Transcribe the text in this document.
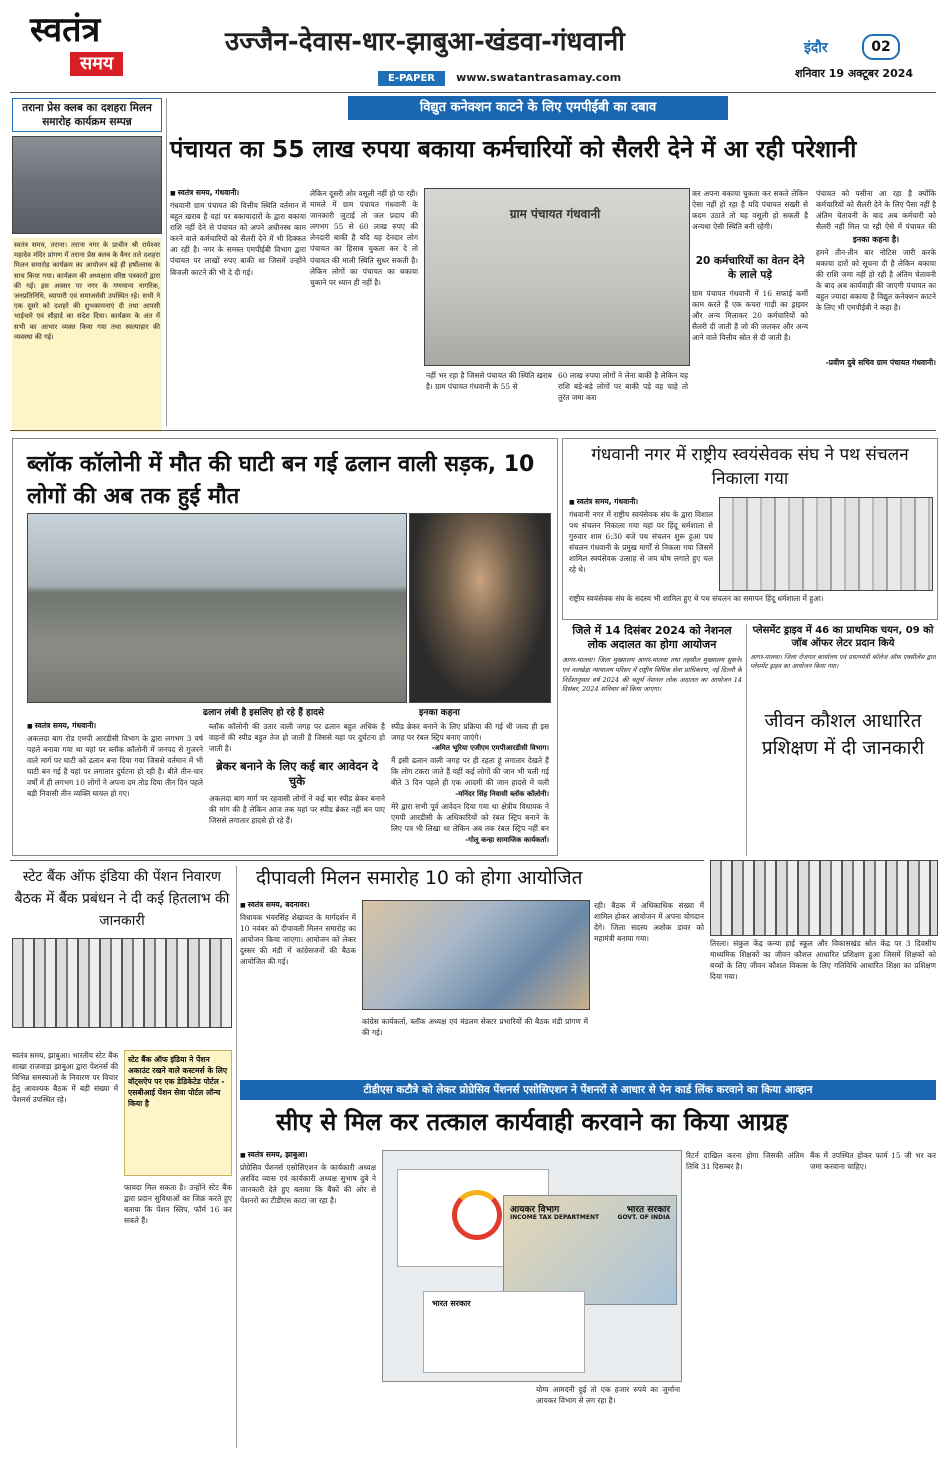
स्वतंत्र
समय
उज्जैन-देवास-धार-झाबुआ-खंडवा-गंधवानी
E-PAPER www.swatantrasamay.com
इंदौर	02
शनिवार 19 अक्टूबर 2024
तराना प्रेस क्लब का दशहरा मिलन समारोह कार्यक्रम सम्पन्न
स्वतंत्र समय, तराना। तराना नगर के प्राचीन श्री रामेश्वर महादेव मंदिर प्रांगण में तराना प्रेस क्लब के बैनर तले दशहरा मिलन समारोह कार्यक्रम का आयोजन बड़े ही हर्षोल्लास के साथ किया गया। कार्यक्रम की अध्यक्षता वरिष्ठ पत्रकारों द्वारा की गई। इस अवसर पर नगर के गणमान्य नागरिक, जनप्रतिनिधि, व्यापारी एवं समाजसेवी उपस्थित रहे। सभी ने एक दूसरे को दशहरे की शुभकामनाएं दी तथा आपसी भाईचारे एवं सौहार्द का संदेश दिया। कार्यक्रम के अंत में सभी का आभार व्यक्त किया गया तथा स्वल्पाहार की व्यवस्था की गई।
विद्युत कनेक्शन काटने के लिए एमपीईबी का दबाव
पंचायत का 55 लाख रुपया बकाया कर्मचारियों को सैलरी देने में आ रही परेशानी
■ स्वतंत्र समय, गंधवानी।
गंधवानी ग्राम पंचायत की वित्तीय स्थिति वर्तमान में बहुत खराब है यहां पर बकायादारों के द्वारा बकाया राशि नहीं देने से पंचायत को अपने अधीनस्थ काम करने वाले कर्मचारियों को सैलरी देने में भी दिक्कत आ रही है। नगर के समस्त एमपीईबी विभाग द्वारा पंचायत पर लाखों रुपए बाकी था जिसमें उन्होंने बिजली काटने की भी दे दी गई।
लेकिन दूसरी ओर वसूली नहीं हो पा रही। मामले में ग्राम पंचायत गंधवानी के जानकारी जुटाई तो जल प्रदाय की लगभग 55 से 60 लाख रुपए की लेनदारी बाकी है यदि यह देनदार लोग पंचायत का हिसाब चुकता कर दे तो पंचायत की माली स्थिति सुधर सकती है। लेकिन लोगों का पंचायत का बकाया चुकाने पर ध्यान ही नहीं है।
ग्राम पंचायत गंधवानी
नहीं भर रहा है जिससे पंचायत की स्थिति खराब है। ग्राम पंचायत गंधवानी के 55 से
60 लाख रुपया लोगों ने लेना बाकी है लेकिन यह राशि बड़े-बड़े लोगों पर बाकी पड़े वह चाहे तो तुरंत जमा करा
कर अपना बकाया चुकता कर सकते लेकिन ऐसा नहीं हो रहा है यदि पंचायत सख्ती से कदम उठाते तो यह वसूली हो सकती है अन्यथा ऐसी स्थिति बनी रहेगी।
20 कर्मचारियों का वेतन देने के लाले पड़े
ग्राम पंचायत गंधवानी में 16 सफाई कर्मी काम करते हैं एक कचरा गाड़ी का ड्राइवर और अन्य मिलाकर 20 कर्मचारियों को सैलरी दी जाती है जो की जलकर और अन्य आने वाले वित्तीय स्रोत से दी जाती है।
पंचायत को पसीना आ रहा है क्योंकि कर्मचारियों को सैलरी देने के लिए पैसा नहीं है अंतिम चेतावनी के बाद अब कर्मचारी को सैलरी नहीं मिल पा रही ऐसे में पंचायत की
इनका कहना है।
हमने तीन-तीन बार नोटिस जारी करके बकाया दारों को सूचना दी है लेकिन बकाया की राशि जमा नहीं हो रही है अंतिम चेतावनी के बाद अब कार्यवाही की जाएगी पंचायत का बहुत ज्यादा बकाया है विद्युत कनेक्शन काटने के लिए भी एमपीईबी ने कहा है।
-प्रवीण दुबे सचिव ग्राम पंचायत गंधवानी।
ब्लॉक कॉलोनी में मौत की घाटी बन गई ढलान वाली सड़क, 10 लोगों की अब तक हुई मौत
ढलान लंबी है इसलिए हो रहे हैं हादसे	इनका कहना
■ स्वतंत्र समय, गंधवानी।
अकलदा बाग रोड एमपी आरडीसी विभाग के द्वारा लगभग 3 वर्ष पहले बनाया गया था यहां पर ब्लॉक कॉलोनी में जनपद से गुजरने वाले मार्ग पर घाटी को ढलान बना दिया गया जिससे वर्तमान में भी घाटी बन गई है यहां पर लगातार दुर्घटना हो रही है। बीते तीन-चार वर्षों में ही लगभग 10 लोगों ने अपना दम तोड़ दिया तीन दिन पहले बड़ी निवासी तीन व्यक्ति घायल हो गए।
ब्लॉक कॉलोनी की उतार वाली जगह पर ढलान बहुत अधिक है वाहनों की स्पीड बहुत तेज हो जाती है जिससे यहां पर दुर्घटना हो जाती है।
ब्रेकर बनाने के लिए कई बार आवेदन दे चुके
अकलदा बाग मार्ग पर रहवासी लोगों ने कई बार स्पीड ब्रेकर बनाने की मांग की है लेकिन आज तक यहां पर स्पीड ब्रेकर नहीं बन पाए जिससे लगातार हादसे हो रहे हैं।
स्पीड ब्रेकर बनाने के लिए प्रक्रिया की गई थी जल्द ही इस जगह पर रंबल स्ट्रिप बनाए जाएंगे।
-अमित भूरिया एजीएम एमपीआरडीसी विभाग।
मैं इसी ढलान वाली जगह पर ही रहता हूं लगातार देखते हैं कि लोग टकरा जाते हैं यहीं कई लोगों की जान भी चली गई बीते 3 दिन पहले ही एक आदमी की जान हादसे में चली
-मनिंदर सिंह निवासी ब्लॉक कॉलोनी।
मेरे द्वारा सभी पूर्व आवेदन दिया गया था क्षेत्रीय विधायक ने एमपी आरडीसी के अधिकारियों को रंबल स्ट्रिप बनाने के लिए पत्र भी लिखा था लेकिन अब तक रंबल स्ट्रिप नहीं बन
-गोलू कन्हा सामाजिक कार्यकर्ता।
गंधवानी नगर में राष्ट्रीय स्वयंसेवक संघ ने पथ संचलन निकाला गया
■ स्वतंत्र समय, गंधवानी।
गंधवानी नगर में राष्ट्रीय स्वयंसेवक संघ के द्वारा विशाल पथ संचलन निकाला गया यहां पर हिंदू धर्मशाला से गुरुवार शाम 6:30 बजे पथ संचलन शुरू हुआ पथ संचलन गंधवानी के प्रमुख मार्गों से निकला गया जिसमें शामिल स्वयंसेवक उत्साह से जय घोष लगाते हुए चल रहे थे।
राष्ट्रीय स्वयंसेवक संघ के सदस्य भी शामिल हुए थे पथ संचलन का समापन हिंदू धर्मशाला में हुआ।
जिले में 14 दिसंबर 2024 को नेशनल लोक अदालत का होगा आयोजन
आगर-मालवा। जिला मुख्यालय आगर-मालवा तथा तहसील मुख्यालय सुसनेर एवं नलखेड़ा न्यायालय परिसर में राष्ट्रीय विधिक सेवा प्राधिकरण, नई दिल्ली के निर्देशानुसार वर्ष 2024 की चतुर्थ नेशनल लोक अदालत का आयोजन 14 दिसंबर, 2024 शनिवार को किया जाएगा।
प्लेसमेंट ड्राइव में 46 का प्राथमिक चयन, 09 को जॉब ऑफर लेटर प्रदान किये
आगर-मालवा। जिला रोजगार कार्यालय एवं प्रधानमंत्री कॉलेज ऑफ एक्सीलेंस द्वारा प्लेसमेंट ड्राइव का आयोजन किया गया।
जीवन कौशल आधारित प्रशिक्षण में दी जानकारी
तिरला। संकुल केंद्र कन्या हाई स्कूल और विकासखंड स्रोत केंद्र पर 3 दिवसीय माध्यमिक शिक्षकों का जीवन कौशल आधारित प्रशिक्षण हुआ जिसमें शिक्षकों को बच्चों के लिए जीवन कौशल विकास के लिए गतिविधि आधारित शिक्षा का प्रशिक्षण दिया गया।
स्टेट बैंक ऑफ इंडिया की पेंशन निवारण बैठक में बैंक प्रबंधन ने दी कई हितलाभ की जानकारी
स्वतंत्र समय, झाबुआ। भारतीय स्टेट बैंक शाखा राजवाड़ा झाबुआ द्वारा पेंशनर्स की विभिन्न समस्याओं के निवारण पर विचार हेतु आवश्यक बैठक में बड़ी संख्या में पेंशनर्स उपस्थित रहे।
स्टेट बैंक ऑफ इंडिया ने पेंशन अकाउंट रखने वाले कस्टमर्स के लिए वॉट्सऐप पर एक डेडिकेटेड पोर्टल - एसबीआई पेंशन सेवा पोर्टल लॉन्च किया है
फायदा मिल सकता है। उन्होंने स्टेट बैंक द्वारा प्रदान सुविधाओं का जिक्र करते हुए बताया कि पेंशन स्लिप, फॉर्म 16 कर सकते हैं।
दीपावली मिलन समारोह 10 को होगा आयोजित
■ स्वतंत्र समय, बदनावर।
विधायक भंवरसिंह शेखावत के मार्गदर्शन में 10 नवंबर को दीपावली मिलन समारोह का आयोजन किया जाएगा। आयोजन को लेकर दुस्सर की मंडी में कांग्रेसजनों की बैठक आयोजित की गई।
कांग्रेस कार्यकर्ता, ब्लॉक अध्यक्ष एवं मंडलम सेक्टर प्रभारियों की बैठक मंडी प्रांगण में की गई।
रही। बैठक में अधिकाधिक संख्या में शामिल होकर आयोजन में अपना योगदान देंगे। जिला सदस्य अशोक डावर को महामंत्री बनाया गया।
टीडीएस कटौत्रे को लेकर प्रोग्रेसिव पेंशनर्स एसोसिएशन ने पेंशनरों से आधार से पेन कार्ड लिंक करवाने का किया आव्हान
सीए से मिल कर तत्काल कार्यवाही करवाने का किया आग्रह
■ स्वतंत्र समय, झाबुआ।
प्रोग्रेसिव पेंशनर्स एसोसिएशन के कार्यकारी अध्यक्ष अरविंद व्यास एवं कार्यकारी अध्यक्ष सुभाष दुबे ने जानकारी देते हुए बताया कि बैंकों की ओर से पेंशनरों का टीडीएस काटा जा रहा है।
आयकर विभाग
INCOME TAX DEPARTMENT
भारत सरकार
GOVT. OF INDIA
भारत सरकार
योग्य आमदनी हुई तो एक हजार रुपये का जुर्माना आयकर विभाग से लग रहा है।
रिटर्न दाखिल करना होगा जिसकी अंतिम तिथि 31 दिसम्बर है।
बैंक में उपस्थित होकर फार्म 15 जी भर कर जमा करवाना चाहिए।
